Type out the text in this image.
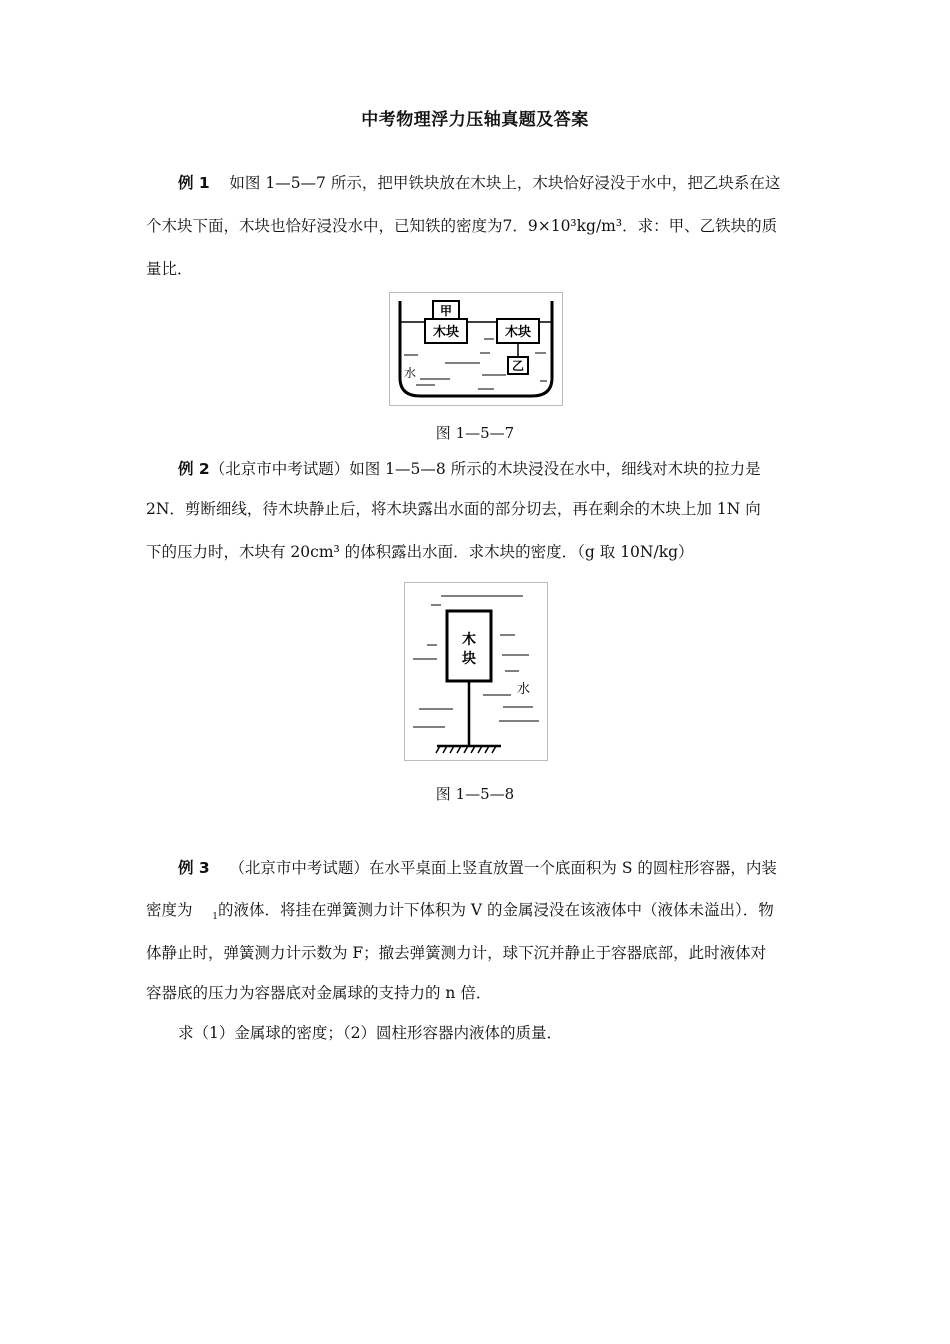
中考物理浮力压轴真题及答案
例 1 如图 1—5—7 所示，把甲铁块放在木块上，木块恰好浸没于水中，把乙块系在这
个木块下面，木块也恰好浸没水中，已知铁的密度为7．9×10³kg/m³．求：甲、乙铁块的质
量比．
甲
木块	木块
乙
水
图 1—5—7
例 2（北京市中考试题）如图 1—5—8 所示的木块浸没在水中，细线对木块的拉力是
2N．剪断细线，待木块静止后，将木块露出水面的部分切去，再在剩余的木块上加 1N 向
下的压力时，木块有 20cm³ 的体积露出水面．求木块的密度．（g 取 10N/kg）
木
块
水
图 1—5—8
例 3 （北京市中考试题）在水平桌面上竖直放置一个底面积为 S 的圆柱形容器，内装
密度为 $_1$的液体．将挂在弹簧测力计下体积为 V 的金属浸没在该液体中（液体未溢出）．物
体静止时，弹簧测力计示数为 F；撤去弹簧测力计，球下沉并静止于容器底部，此时液体对
容器底的压力为容器底对金属球的支持力的 n 倍．
求（1）金属球的密度；（2）圆柱形容器内液体的质量．
